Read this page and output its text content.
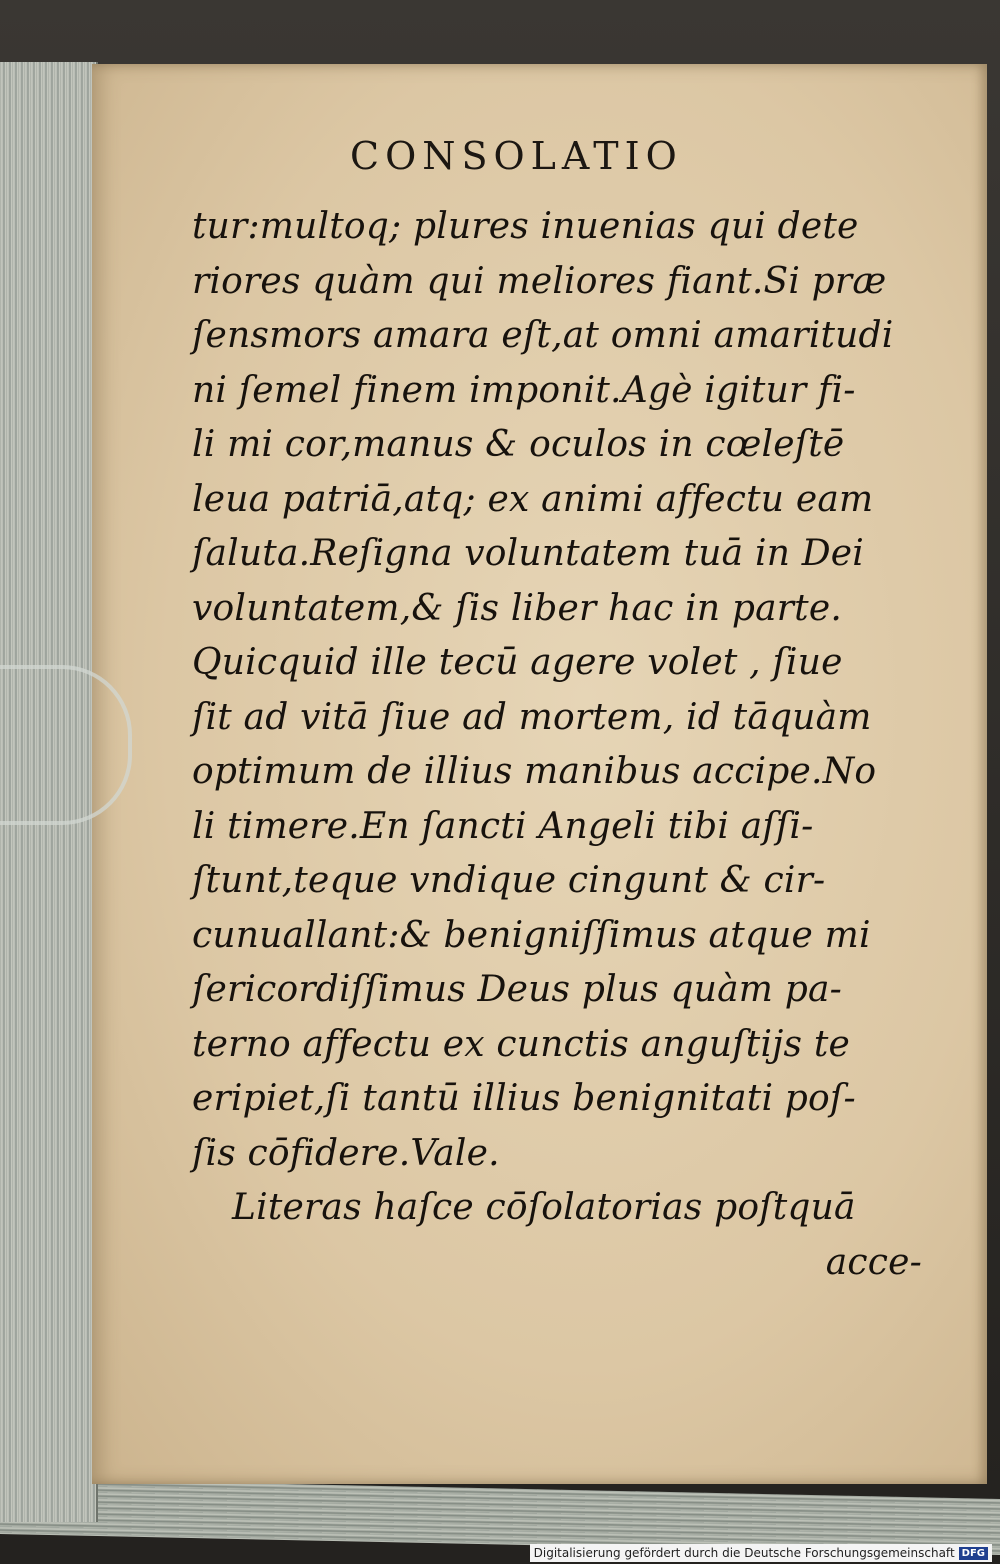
CONSOLATIO
tur:multoq; plures inuenias qui dete
riores quàm qui meliores fiant.Si præ
ſensmors amara eſt,at omni amaritudi
ni ſemel finem imponit.Agè igitur fi-
li mi cor,manus & oculos in cœleſtē
leua patriā,atq; ex animi affectu eam
ſaluta.Reſigna voluntatem tuā in Dei
voluntatem,& ſis liber hac in parte.
Quicquid ille tecū agere volet , ſiue
ſit ad vitā ſiue ad mortem, id tāquàm
optimum de illius manibus accipe.No
li timere.En ſancti Angeli tibi aſſi-
ſtunt,teque vndique cingunt & cir-
cunuallant:& benigniſſimus atque mi
ſericordiſſimus Deus plus quàm pa-
terno affectu ex cunctis anguſtijs te
eripiet,ſi tantū illius benignitati poſ-
ſis cōfidere.Vale.
Literas haſce cōſolatorias poſtquā
acce-
Digitalisierung gefördert durch die Deutsche Forschungsgemeinschaft DFG
